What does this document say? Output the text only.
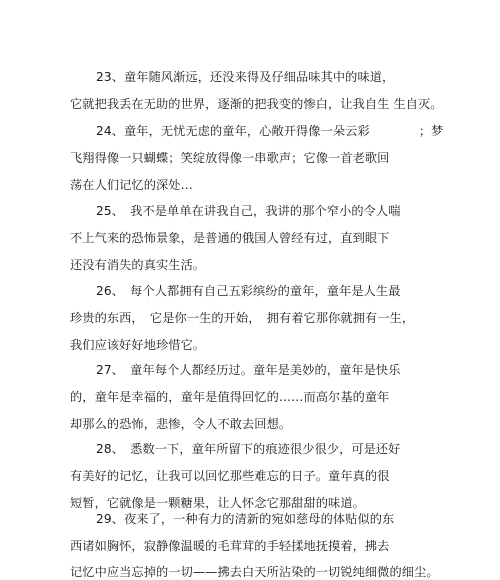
23、童年随风渐远，还没来得及仔细品味其中的味道，
它就把我丢在无助的世界，逐渐的把我变的惨白，让我自生 生自灭。
24、童年，无忧无虑的童年，心敞开得像一朵云彩　　　　；梦
飞翔得像一只蝴蝶；笑绽放得像一串歌声；它像一首老歌回
荡在人们记忆的深处…
25、　我不是单单在讲我自己，我讲的那个窄小的令人喘
不上气来的恐怖景象，是普通的俄国人曾经有过，直到眼下
还没有消失的真实生活。
26、　每个人都拥有自己五彩缤纷的童年，童年是人生最
珍贵的东西，　它是你一生的开始，　拥有着它那你就拥有一生，
我们应该好好地珍惜它。
27、　童年每个人都经历过。童年是美妙的，童年是快乐
的，童年是幸福的，童年是值得回忆的……而高尔基的童年
却那么的恐怖，悲惨，令人不敢去回想。
28、　悉数一下，童年所留下的痕迹很少很少，可是还好
有美好的记忆，让我可以回忆那些难忘的日子。童年真的很
短暂，它就像是一颗糖果，让人怀念它那甜甜的味道。
29、夜来了，一种有力的清新的宛如慈母的体贴似的东
西诸如胸怀，寂静像温暖的毛茸茸的手轻揉地抚摸着，拂去
记忆中应当忘掉的一切——拂去白天所沾染的一切锐纯细微的细尘。
